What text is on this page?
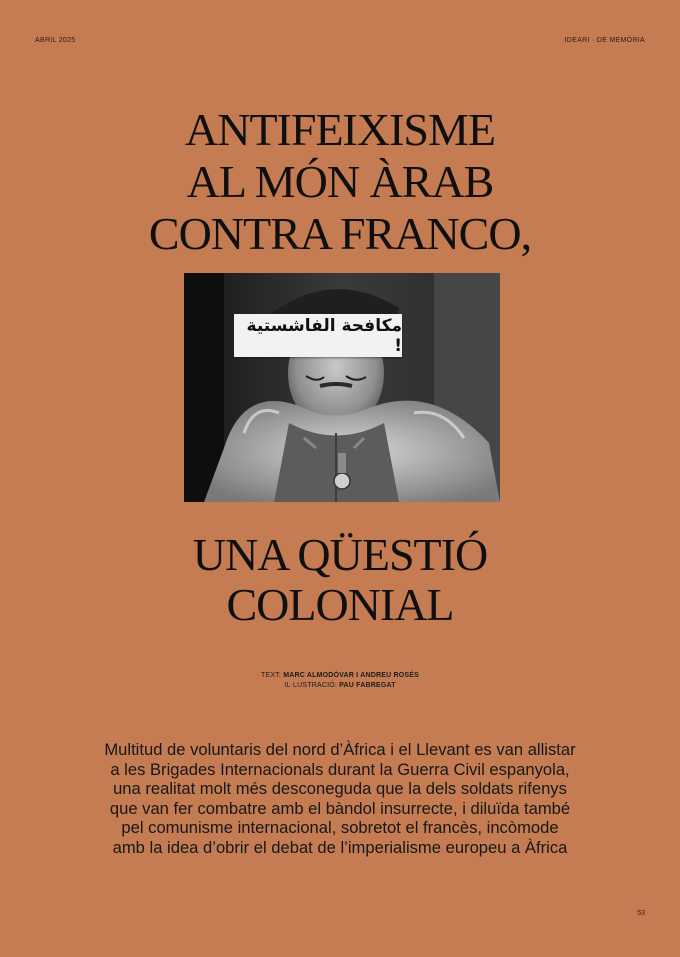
ABRIL 2025	IDEARI · DE MEMÒRIA
ANTIFEIXISME
AL MÓN ÀRAB
CONTRA FRANCO,
مكافحة الفاشستية !
UNA QÜESTIÓ
COLONIAL
TEXT: MARC ALMODÓVAR I ANDREU ROSÉS
IL·LUSTRACIÓ: PAU FABREGAT
Multitud de voluntaris del nord d’Àfrica i el Llevant es van allistar
a les Brigades Internacionals durant la Guerra Civil espanyola,
una realitat molt més desconeguda que la dels soldats rifenys
que van fer combatre amb el bàndol insurrecte, i diluïda també
pel comunisme internacional, sobretot el francès, incòmode
amb la idea d’obrir el debat de l’imperialisme europeu a Àfrica
53
